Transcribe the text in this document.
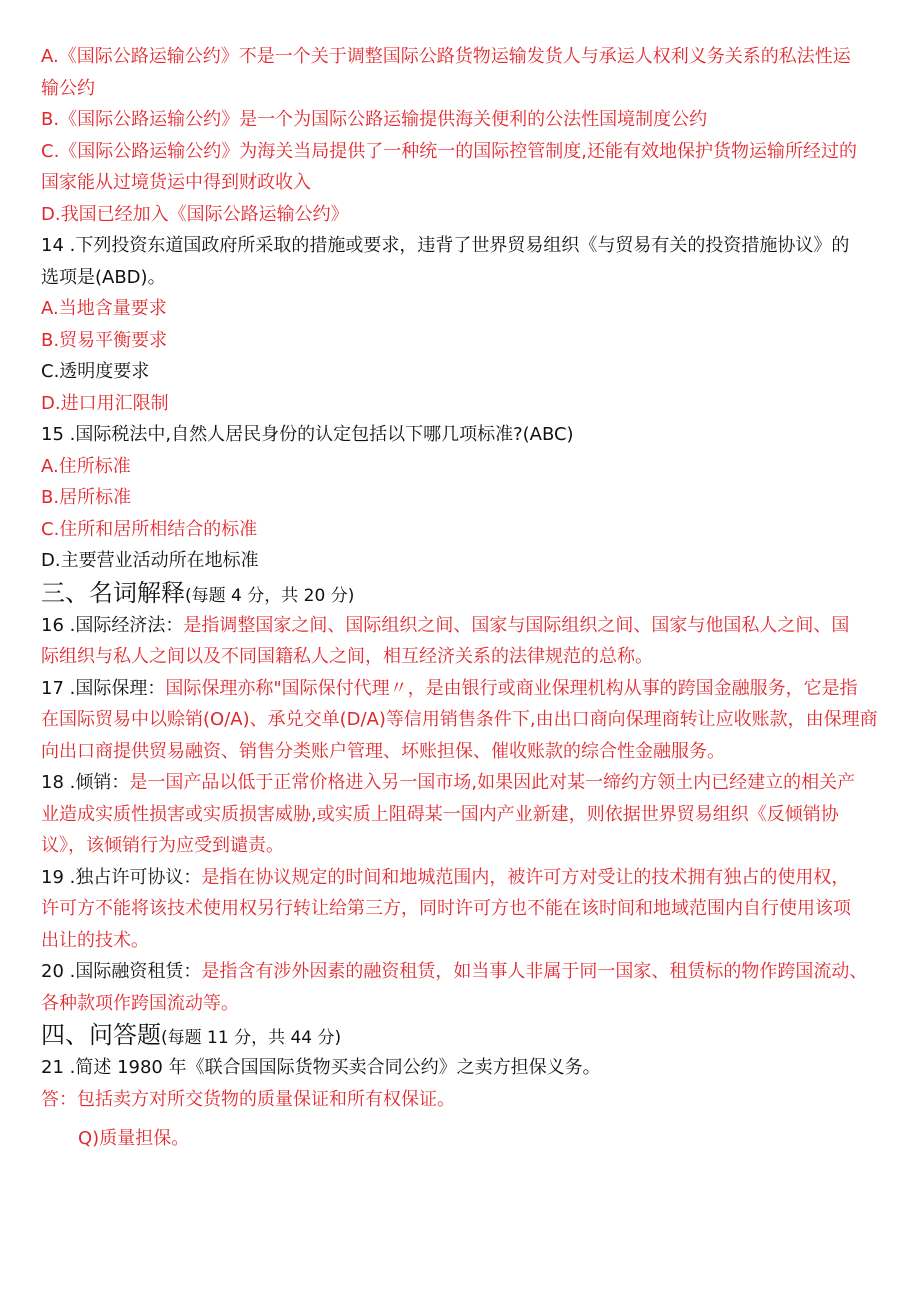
A.《国际公路运输公约》不是一个关于调整国际公路货物运输发货人与承运人权利义务关系的私法性运
输公约
B.《国际公路运输公约》是一个为国际公路运输提供海关便利的公法性国境制度公约
C.《国际公路运输公约》为海关当局提供了一种统一的国际控管制度,还能有效地保护货物运输所经过的
国家能从过境货运中得到财政收入
D.我国已经加入《国际公路运输公约》
14 .下列投资东道国政府所采取的措施或要求，违背了世界贸易组织《与贸易有关的投资措施协议》的
选项是(ABD)。
A.当地含量要求
B.贸易平衡要求
C.透明度要求
D.进口用汇限制
15 .国际税法中,自然人居民身份的认定包括以下哪几项标准?(ABC)
A.住所标准
B.居所标准
C.住所和居所相结合的标准
D.主要营业活动所在地标准
三、名词解释(每题 4 分，共 20 分)
16 .国际经济法：是指调整国家之间、国际组织之间、国家与国际组织之间、国家与他国私人之间、国
际组织与私人之间以及不同国籍私人之间，相互经济关系的法律规范的总称。
17 .国际保理：国际保理亦称"国际保付代理〃，是由银行或商业保理机构从事的跨国金融服务，它是指
在国际贸易中以赊销(O/A)、承兑交单(D/A)等信用销售条件下,由出口商向保理商转让应收账款，由保理商
向出口商提供贸易融资、销售分类账户管理、坏账担保、催收账款的综合性金融服务。
18 .倾销：是一国产品以低于正常价格进入另一国市场,如果因此对某一缔约方领土内已经建立的相关产
业造成实质性损害或实质损害威胁,或实质上阻碍某一国内产业新建，则依据世界贸易组织《反倾销协
议》，该倾销行为应受到谴责。
19 .独占许可协议：是指在协议规定的时间和地城范围内，被许可方对受让的技术拥有独占的使用权，
许可方不能将该技术使用权另行转让给第三方，同时许可方也不能在该时间和地域范围内自行使用该项
出让的技术。
20 .国际融资租赁：是指含有涉外因素的融资租赁，如当事人非属于同一国家、租赁标的物作跨国流动、
各种款项作跨国流动等。
四、问答题(每题 11 分，共 44 分)
21 .简述 1980 年《联合国国际货物买卖合同公约》之卖方担保义务。
答：包括卖方对所交货物的质量保证和所有权保证。
Q)质量担保。
